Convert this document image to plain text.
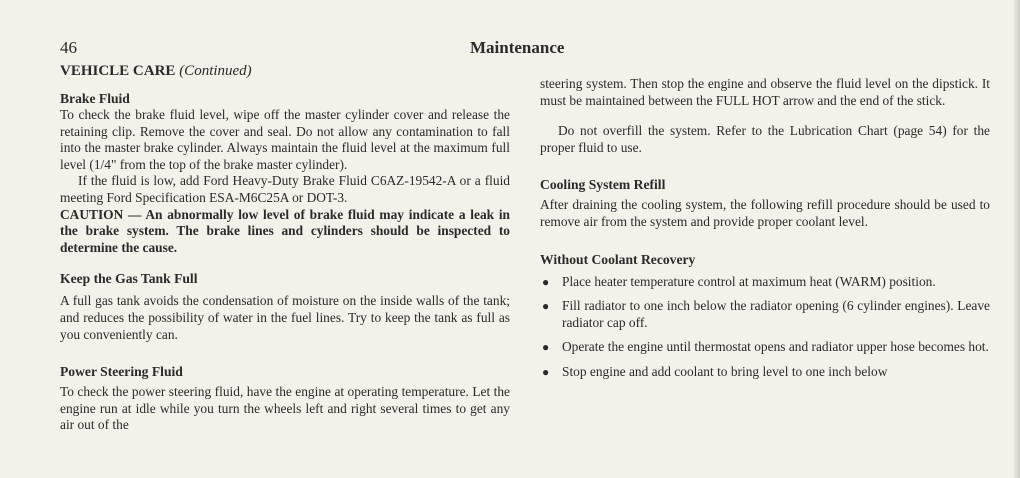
46	Maintenance
VEHICLE CARE (Continued)
Brake Fluid

To check the brake fluid level, wipe off the master cylinder cover and release the retaining clip. Remove the cover and seal. Do not allow any contamination to fall into the master brake cylinder. Always maintain the fluid level at the maximum full level (1/4" from the top of the brake master cylinder).

If the fluid is low, add Ford Heavy-Duty Brake Fluid C6AZ-19542-A or a fluid meeting Ford Specification ESA-M6C25A or DOT-3.

CAUTION — An abnormally low level of brake fluid may indicate a leak in the brake system. The brake lines and cylinders should be inspected to determine the cause.

Keep the Gas Tank Full

A full gas tank avoids the condensation of moisture on the inside walls of the tank; and reduces the possibility of water in the fuel lines. Try to keep the tank as full as you conveniently can.

Power Steering Fluid

To check the power steering fluid, have the engine at operating temperature. Let the engine run at idle while you turn the wheels left and right several times to get any air out of the

steering system. Then stop the engine and observe the fluid level on the dipstick. It must be maintained between the FULL HOT arrow and the end of the stick.

Do not overfill the system. Refer to the Lubrication Chart (page 54) for the proper fluid to use.

Cooling System Refill

After draining the cooling system, the following refill procedure should be used to remove air from the system and provide proper coolant level.

Without Coolant Recovery
● Place heater temperature control at maximum heat (WARM) position.
● Fill radiator to one inch below the radiator opening (6 cylinder engines). Leave radiator cap off.
● Operate the engine until thermostat opens and radiator upper hose becomes hot.
● Stop engine and add coolant to bring level to one inch below
